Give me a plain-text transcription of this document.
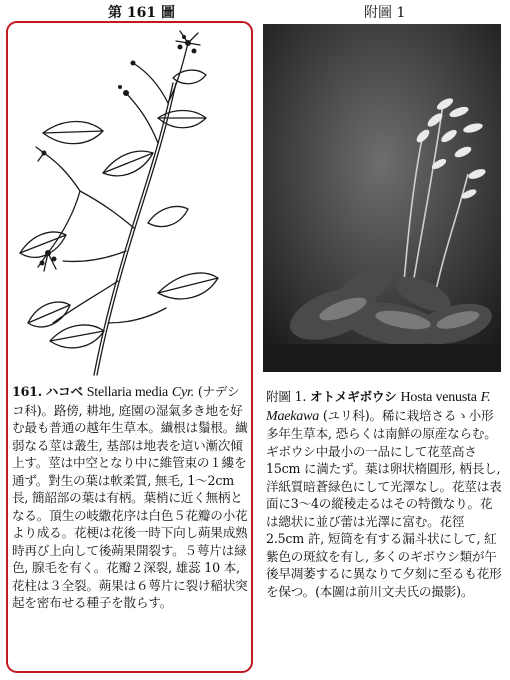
第 161 圖	附圖 1

161. ハコベ Stellaria media Cyr. (ナデシコ科)。路傍, 耕地, 庭園の湿氣多き地を好む最も普通の越年生草本。纎根は鬚根。纎弱なる莖は叢生, 基部は地表を這い漸次傾上す。莖は中空となり中に維管束の１縷を通ず。對生の葉は軟柔質, 無毛, 1〜2cm長, 簡韶部の葉は有柄。葉梢に近く無柄となる。頂生の岐繖花序は白色５花瓣の小花より成る。花梗は花後一時下向し蒴果成熟時再び上向して後蒴果開裂す。５萼片は緑色, 腺毛を有く。花瓣２深裂, 雄蕊 10 本, 花柱は３全裂。蒴果は６萼片に裂け稲状突起を密布せる種子を散らす。

附圖 1. オトメギボウシ Hosta venusta F. Maekawa (ユリ科)。稀に栽培さるゝ小形多年生草本, 恐らくは南鮮の原産ならむ。ギボウシ中最小の一品にして花莖高さ 15cm に満たず。葉は卵状楕圓形, 柄長し, 洋紙質暗蒼緑色にして光澤なし。花莖は表面に3〜4の縱稜走るはその特徴なり。花は總状に並び蕾は光澤に富む。花徑 2.5cm 許, 短筒を有する漏斗状にして, 紅紫色の斑紋を有し, 多くのギボウシ類が午後早凋萎するに異なりて夕刻に至るも花形を保つ。(本圖は前川文夫氏の撮影)。
